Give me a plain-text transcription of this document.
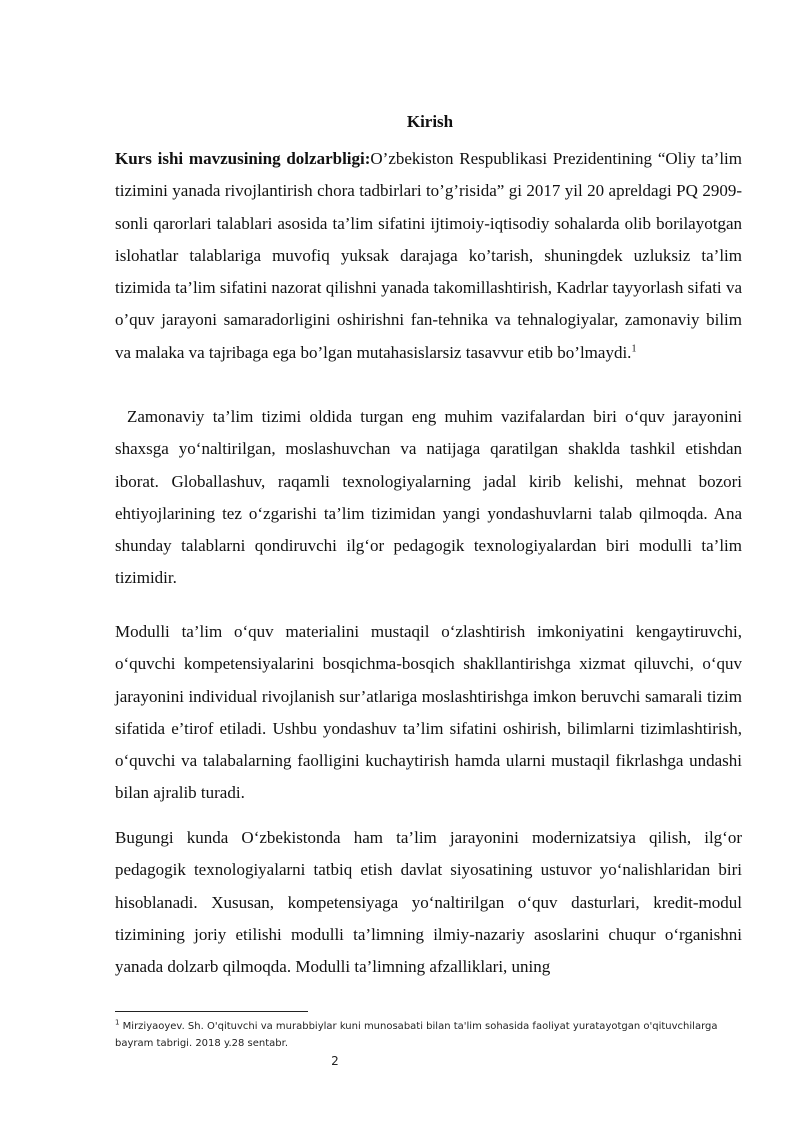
Kirish

Kurs ishi mavzusining dolzarbligi:O’zbekiston Respublikasi Prezidentining “Oliy ta’lim tizimini yanada rivojlantirish chora tadbirlari to’g’risida” gi 2017 yil 20 apreldagi PQ 2909-sonli qarorlari talablari asosida ta’lim sifatini ijtimoiy-iqtisodiy sohalarda olib borilayotgan islohatlar talablariga muvofiq yuksak darajaga ko’tarish, shuningdek uzluksiz ta’lim tizimida ta’lim sifatini nazorat qilishni yanada takomillashtirish, Kadrlar tayyorlash sifati va o’quv jarayoni samaradorligini oshirishni fan-tehnika va tehnalogiyalar, zamonaviy bilim va malaka va tajribaga ega bo’lgan mutahasislarsiz tasavvur etib bo’lmaydi.$^1$

Zamonaviy ta’lim tizimi oldida turgan eng muhim vazifalardan biri oʻquv jarayonini shaxsga yoʻnaltirilgan, moslashuvchan va natijaga qaratilgan shaklda tashkil etishdan iborat. Globallashuv, raqamli texnologiyalarning jadal kirib kelishi, mehnat bozori ehtiyojlarining tez oʻzgarishi ta’lim tizimidan yangi yondashuvlarni talab qilmoqda. Ana shunday talablarni qondiruvchi ilgʻor pedagogik texnologiyalardan biri modulli ta’lim tizimidir.

Modulli ta’lim oʻquv materialini mustaqil oʻzlashtirish imkoniyatini kengaytiruvchi, oʻquvchi kompetensiyalarini bosqichma-bosqich shakllantirishga xizmat qiluvchi, oʻquv jarayonini individual rivojlanish sur’atlariga moslashtirishga imkon beruvchi samarali tizim sifatida e’tirof etiladi. Ushbu yondashuv ta’lim sifatini oshirish, bilimlarni tizimlashtirish, oʻquvchi va talabalarning faolligini kuchaytirish hamda ularni mustaqil fikrlashga undashi bilan ajralib turadi.

Bugungi kunda Oʻzbekistonda ham ta’lim jarayonini modernizatsiya qilish, ilgʻor pedagogik texnologiyalarni tatbiq etish davlat siyosatining ustuvor yoʻnalishlaridan biri hisoblanadi. Xususan, kompetensiyaga yoʻnaltirilgan oʻquv dasturlari, kredit-modul tizimining joriy etilishi modulli ta’limning ilmiy-nazariy asoslarini chuqur oʻrganishni yanada dolzarb qilmoqda. Modulli ta’limning afzalliklari, uning

$^1$ Mirziyaoyev. Sh. O'qituvchi va murabbiylar kuni munosabati bilan ta'lim sohasida faoliyat yuratayotgan o'qituvchilarga bayram tabrigi. 2018 y.28 sentabr.
2
